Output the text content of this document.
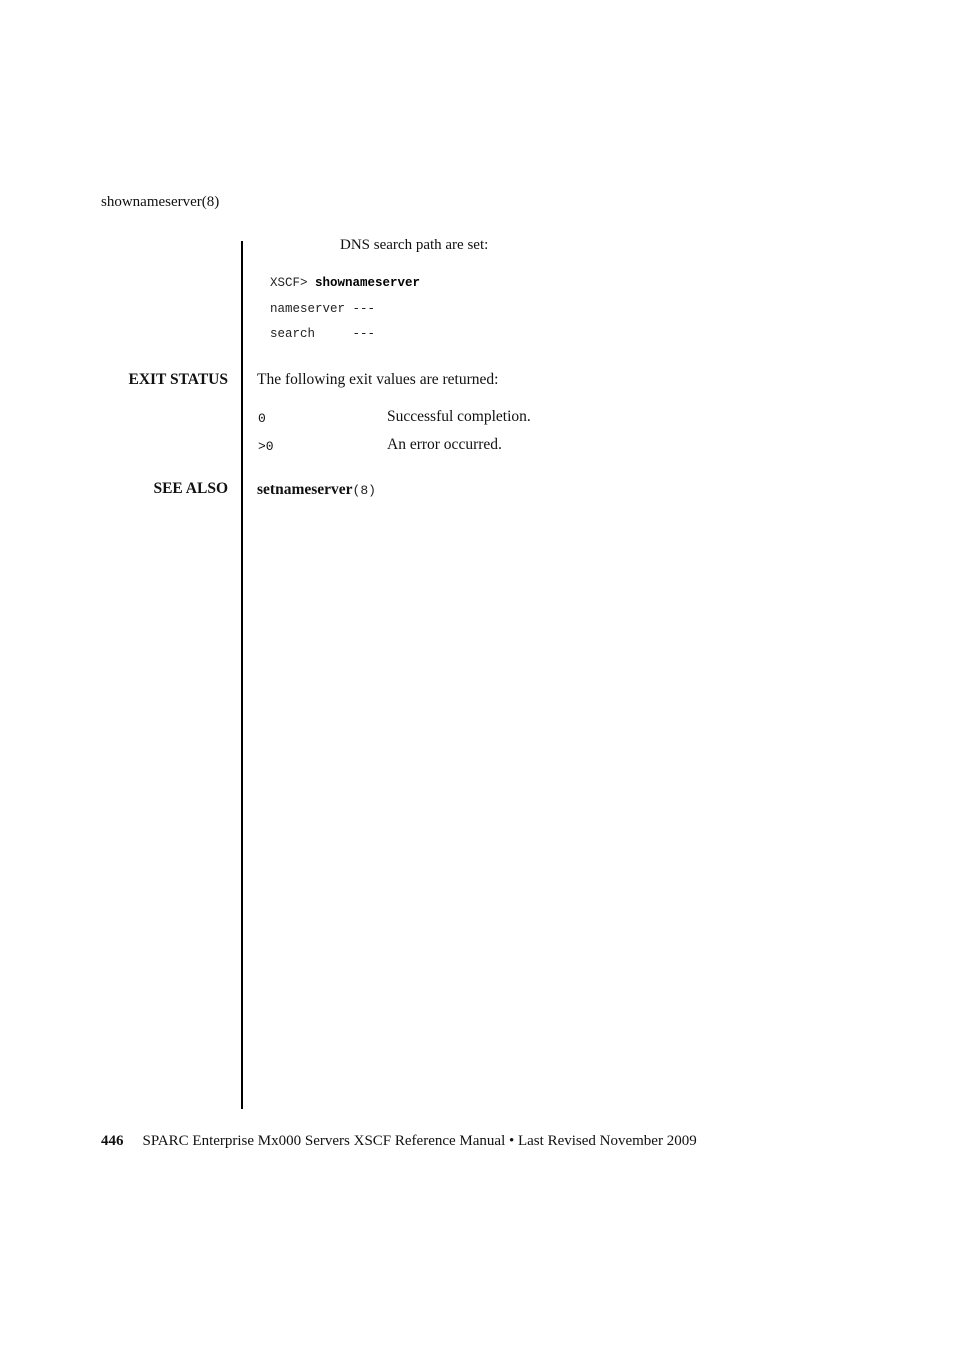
shownameserver(8)
DNS search path are set:
XSCF> shownameserver
nameserver ---
search     ---
EXIT STATUS The following exit values are returned:
0	Successful completion.
>0	An error occurred.
SEE ALSO setnameserver(8)
446 SPARC Enterprise Mx000 Servers XSCF Reference Manual • Last Revised November 2009
